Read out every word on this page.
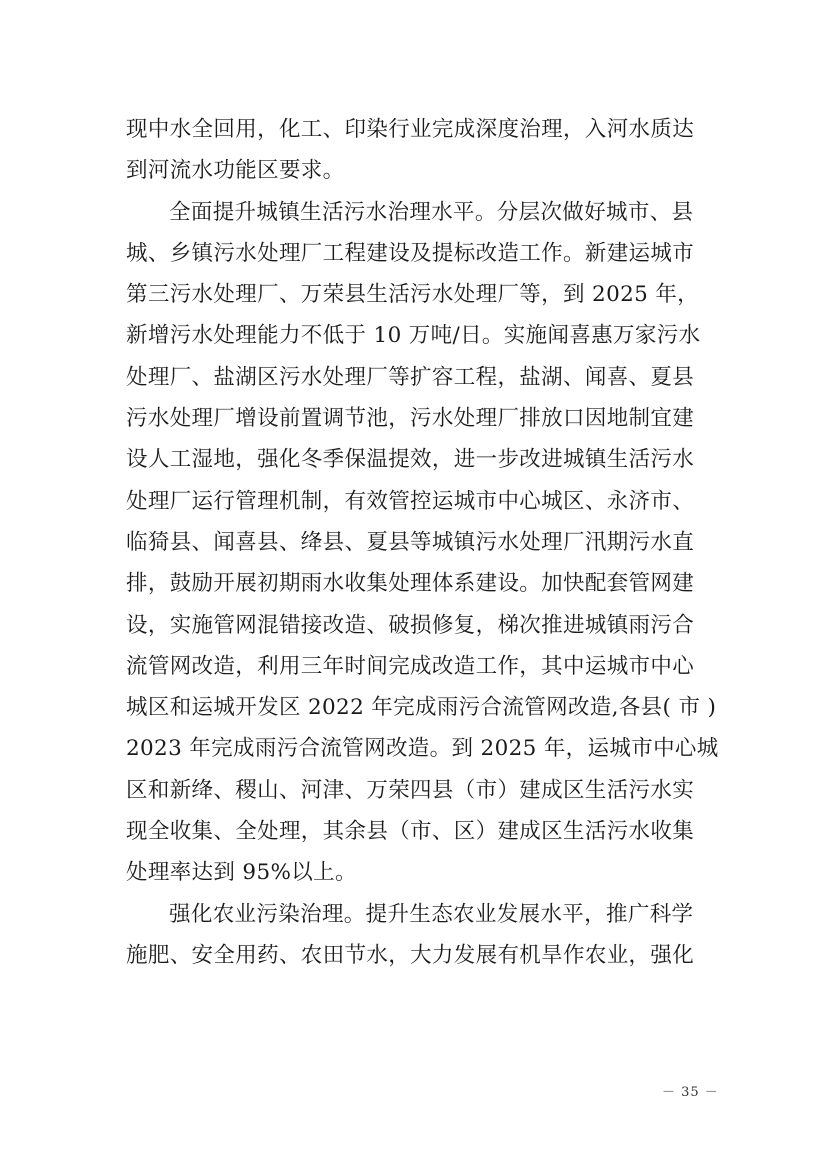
现中水全回用，化工、印染行业完成深度治理，入河水质达
到河流水功能区要求。
全面提升城镇生活污水治理水平。分层次做好城市、县
城、乡镇污水处理厂工程建设及提标改造工作。新建运城市
第三污水处理厂、万荣县生活污水处理厂等，到 2025 年，
新增污水处理能力不低于 10 万吨/日。实施闻喜惠万家污水
处理厂、盐湖区污水处理厂等扩容工程，盐湖、闻喜、夏县
污水处理厂增设前置调节池，污水处理厂排放口因地制宜建
设人工湿地，强化冬季保温提效，进一步改进城镇生活污水
处理厂运行管理机制，有效管控运城市中心城区、永济市、
临猗县、闻喜县、绛县、夏县等城镇污水处理厂汛期污水直
排，鼓励开展初期雨水收集处理体系建设。加快配套管网建
设，实施管网混错接改造、破损修复，梯次推进城镇雨污合
流管网改造，利用三年时间完成改造工作，其中运城市中心
城区和运城开发区 2022 年完成雨污合流管网改造,各县( 市 )
2023 年完成雨污合流管网改造。到 2025 年，运城市中心城
区和新绛、稷山、河津、万荣四县（市）建成区生活污水实
现全收集、全处理，其余县（市、区）建成区生活污水收集
处理率达到 95%以上。
强化农业污染治理。提升生态农业发展水平，推广科学
施肥、安全用药、农田节水，大力发展有机旱作农业，强化
－ 35 －
